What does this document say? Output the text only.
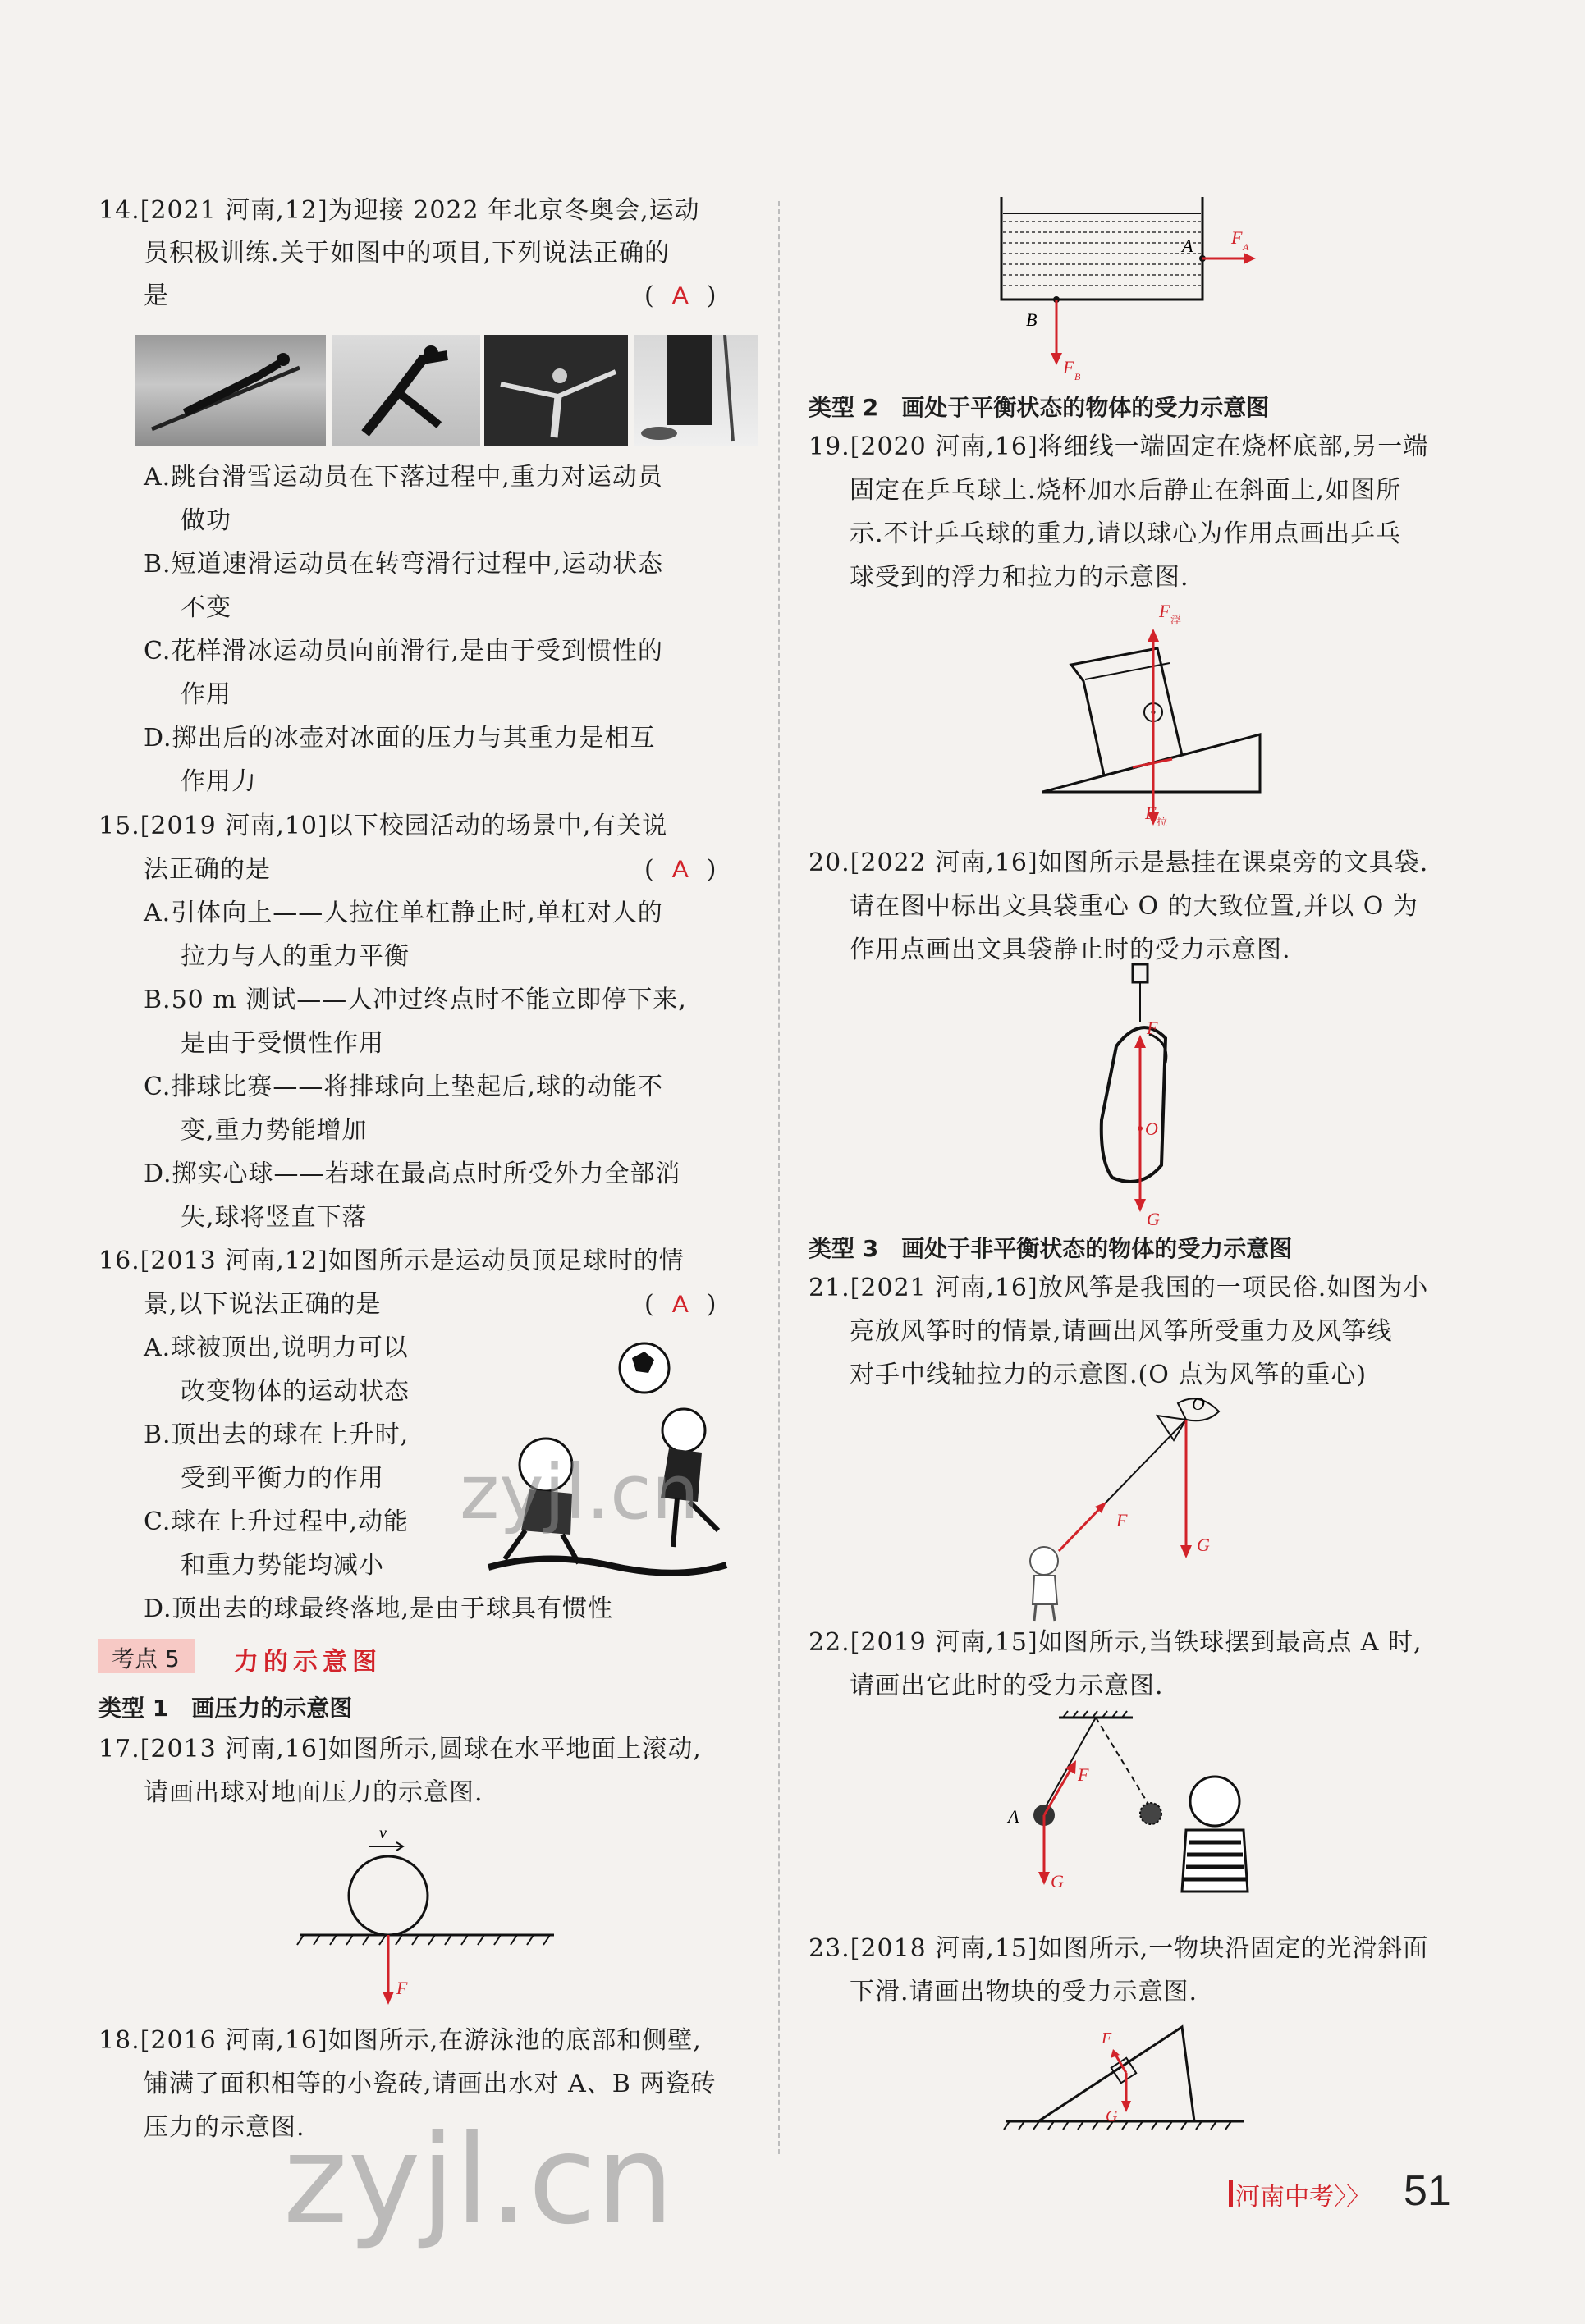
14.[2021 河南,12]为迎接 2022 年北京冬奥会,运动
员积极训练.关于如图中的项目,下列说法正确的
是	( A )
A.跳台滑雪运动员在下落过程中,重力对运动员
做功
B.短道速滑运动员在转弯滑行过程中,运动状态
不变
C.花样滑冰运动员向前滑行,是由于受到惯性的
作用
D.掷出后的冰壶对冰面的压力与其重力是相互
作用力
15.[2019 河南,10]以下校园活动的场景中,有关说
法正确的是	( A )
A.引体向上——人拉住单杠静止时,单杠对人的
拉力与人的重力平衡
B.50 m 测试——人冲过终点时不能立即停下来,
是由于受惯性作用
C.排球比赛——将排球向上垫起后,球的动能不
变,重力势能增加
D.掷实心球——若球在最高点时所受外力全部消
失,球将竖直下落
16.[2013 河南,12]如图所示是运动员顶足球时的情
景,以下说法正确的是	( A )
A.球被顶出,说明力可以
改变物体的运动状态
B.顶出去的球在上升时,
受到平衡力的作用
C.球在上升过程中,动能
和重力势能均减小
D.顶出去的球最终落地,是由于球具有惯性
考点 5 力的示意图
类型 1　画压力的示意图
17.[2013 河南,16]如图所示,圆球在水平地面上滚动,
请画出球对地面压力的示意图.
v
F
18.[2016 河南,16]如图所示,在游泳池的底部和侧壁,
铺满了面积相等的小瓷砖,请画出水对 A、B 两瓷砖
压力的示意图.
A F A
B
F B
类型 2　画处于平衡状态的物体的受力示意图
19.[2020 河南,16]将细线一端固定在烧杯底部,另一端
固定在乒乓球上.烧杯加水后静止在斜面上,如图所
示.不计乒乓球的重力,请以球心为作用点画出乒乓
球受到的浮力和拉力的示意图.
F 浮
F 拉
20.[2022 河南,16]如图所示是悬挂在课桌旁的文具袋.
请在图中标出文具袋重心 O 的大致位置,并以 O 为
作用点画出文具袋静止时的受力示意图.
F
O
G
类型 3　画处于非平衡状态的物体的受力示意图
21.[2021 河南,16]放风筝是我国的一项民俗.如图为小
亮放风筝时的情景,请画出风筝所受重力及风筝线
对手中线轴拉力的示意图.(O 点为风筝的重心)
O
G
F
22.[2019 河南,15]如图所示,当铁球摆到最高点 A 时,
请画出它此时的受力示意图.
A
F
G
23.[2018 河南,15]如图所示,一物块沿固定的光滑斜面
下滑.请画出物块的受力示意图.
F
G
zyjl.cn
zyjl.cn	河南中考〉〉 51
